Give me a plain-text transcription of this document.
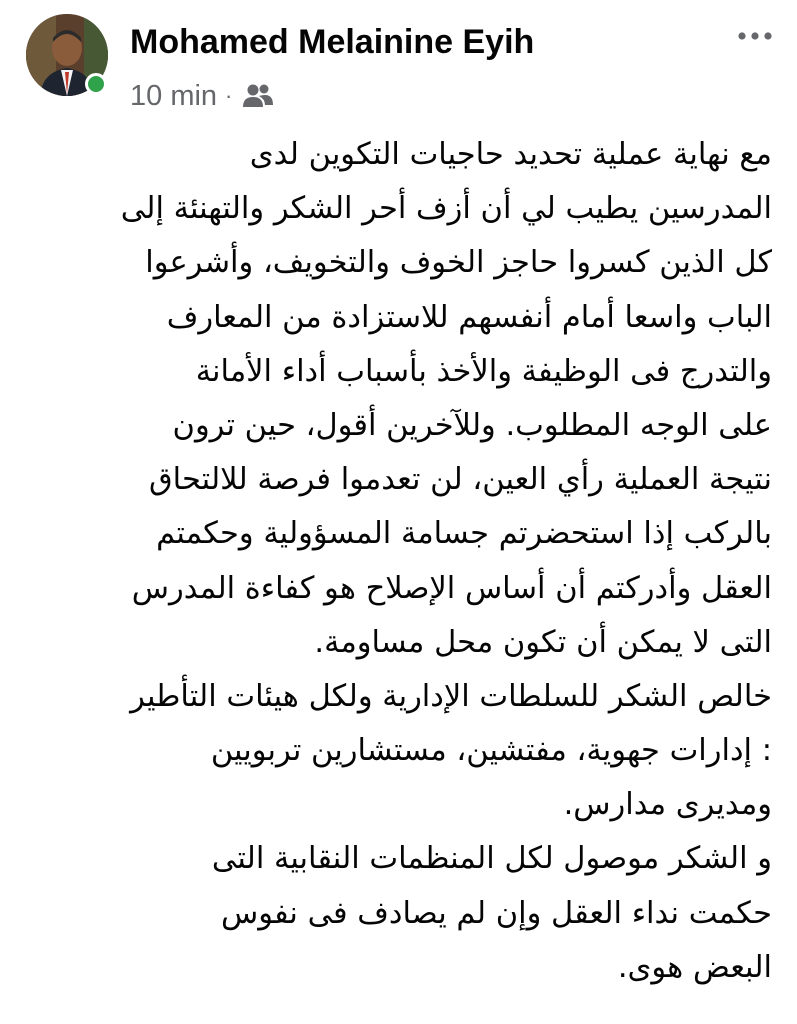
Mohamed Melainine Eyih
10 min ·
مع نهاية عملية تحديد حاجيات التكوين لدى
المدرسين يطيب لي أن أزف أحر الشكر والتهنئة إلى
كل الذين كسروا حاجز الخوف والتخويف، وأشرعوا
الباب واسعا أمام أنفسهم للاستزادة من المعارف
والتدرج فى الوظيفة والأخذ بأسباب أداء الأمانة
على الوجه المطلوب. وللآخرين أقول، حين ترون
نتيجة العملية رأي العين، لن تعدموا فرصة للالتحاق
بالركب إذا استحضرتم جسامة المسؤولية وحكمتم
العقل وأدركتم أن أساس الإصلاح هو كفاءة المدرس
التى لا يمكن أن تكون محل مساومة.
خالص الشكر للسلطات الإدارية ولكل هيئات التأطير
: إدارات جهوية، مفتشين، مستشارين تربويين
ومديرى مدارس.
و الشكر موصول لكل المنظمات النقابية التى
حكمت نداء العقل وإن لم يصادف فى نفوس
البعض هوى.
